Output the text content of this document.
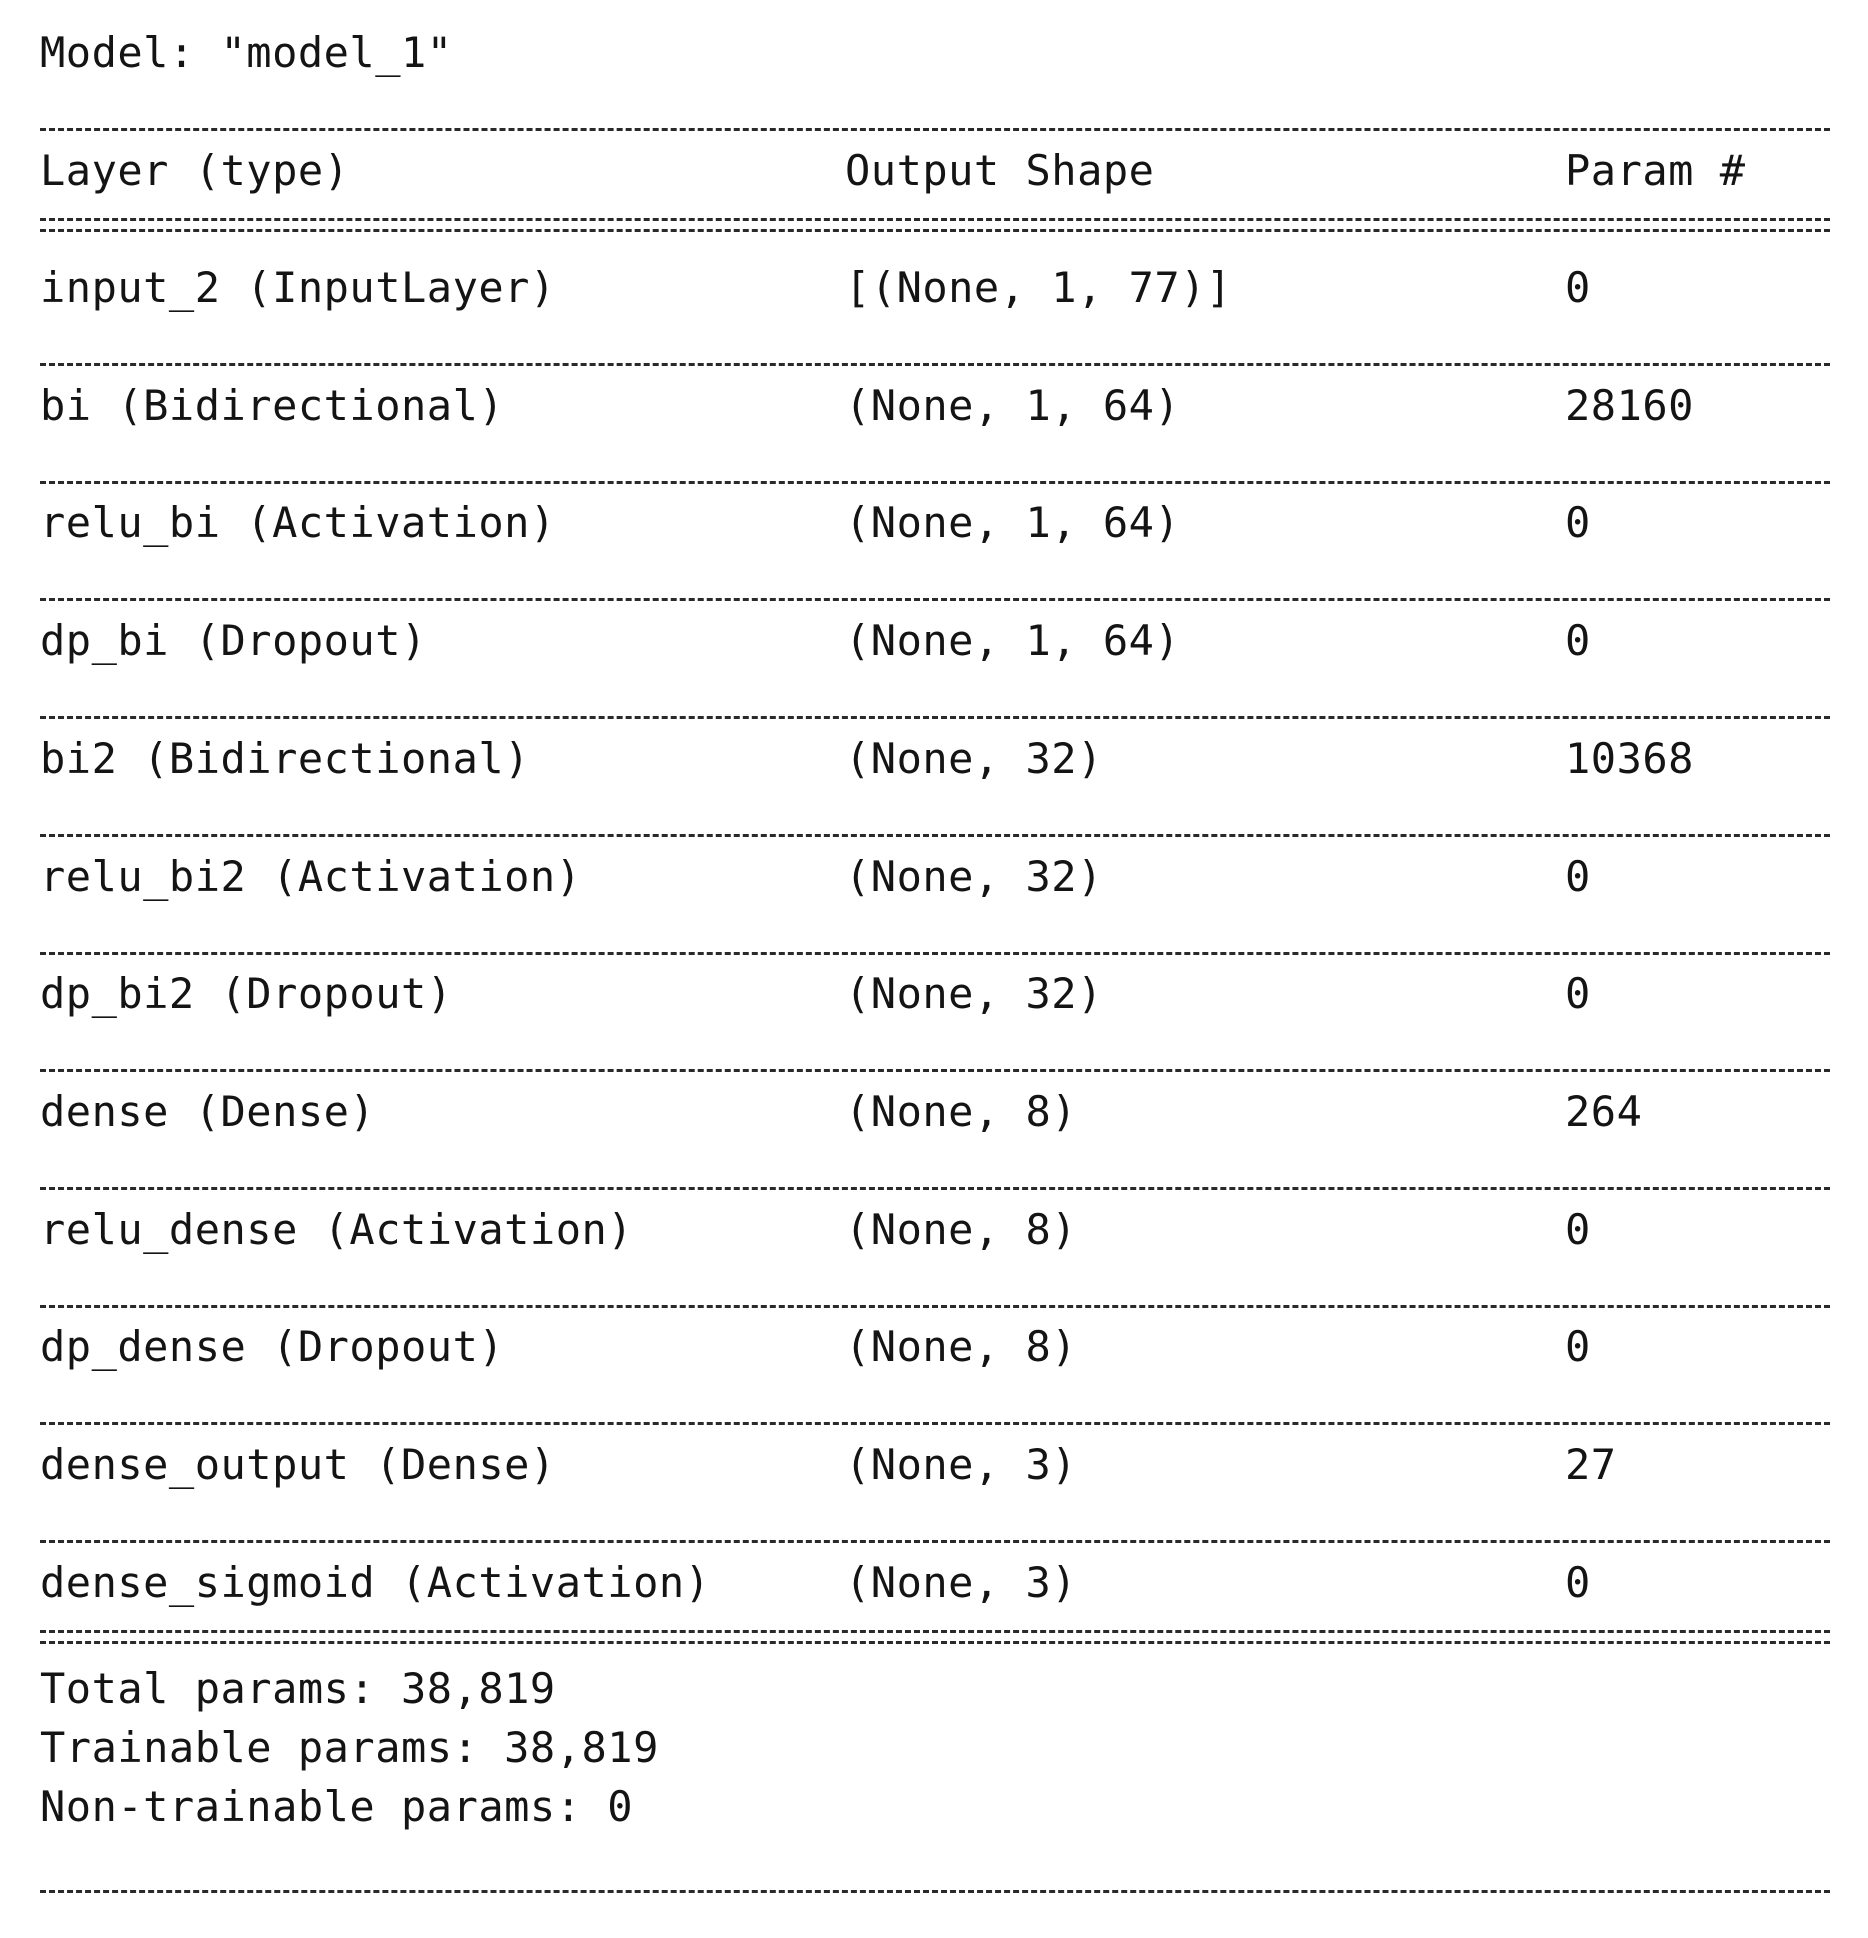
Model: "model_1"
Layer (type)	Output Shape	Param #
input_2 (InputLayer)	[(None, 1, 77)]	0
bi (Bidirectional)	(None, 1, 64)	28160
relu_bi (Activation)	(None, 1, 64)	0
dp_bi (Dropout)	(None, 1, 64)	0
bi2 (Bidirectional)	(None, 32)	10368
relu_bi2 (Activation)	(None, 32)	0
dp_bi2 (Dropout)	(None, 32)	0
dense (Dense)	(None, 8)	264
relu_dense (Activation)	(None, 8)	0
dp_dense (Dropout)	(None, 8)	0
dense_output (Dense)	(None, 3)	27
dense_sigmoid (Activation)	(None, 3)	0
Total params: 38,819
Trainable params: 38,819
Non-trainable params: 0
